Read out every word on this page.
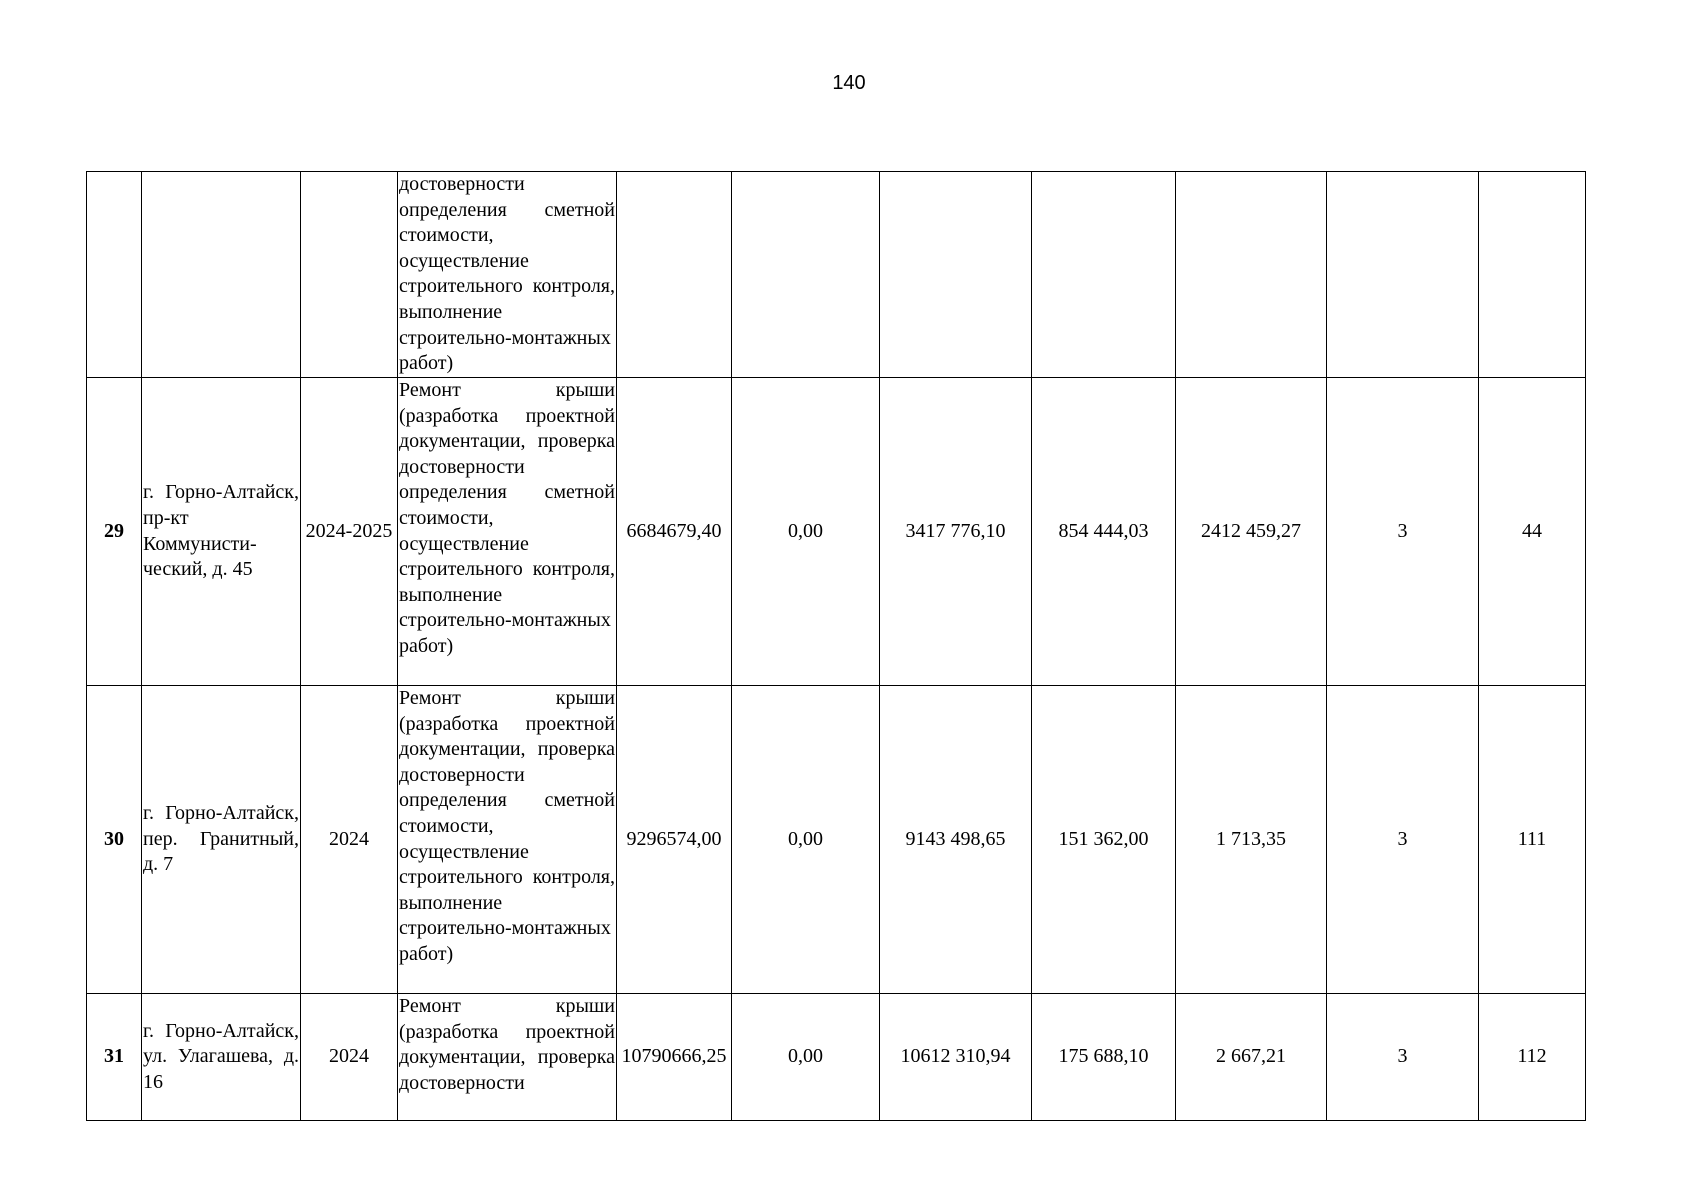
140
			достоверности определения сметной стоимости, осуществление строительного контроля, выполнение строительно-монтажных работ)							
29	г. Горно-Алтайск, пр-кт Коммунисти-ческий, д. 45	2024-2025	Ремонт крыши (разработка проектной документации, проверка достоверности определения сметной стоимости, осуществление строительного контроля, выполнение строительно-монтажных работ)	6684679,40	0,00	3417 776,10	854 444,03	2412 459,27	3	44
30	г. Горно-Алтайск, пер. Гранитный, д. 7	2024	Ремонт крыши (разработка проектной документации, проверка достоверности определения сметной стоимости, осуществление строительного контроля, выполнение строительно-монтажных работ)	9296574,00	0,00	9143 498,65	151 362,00	1 713,35	3	111
31	г. Горно-Алтайск, ул. Улагашева, д. 16	2024	Ремонт крыши (разработка проектной документации, проверка достоверности	10790666,25	0,00	10612 310,94	175 688,10	2 667,21	3	112
